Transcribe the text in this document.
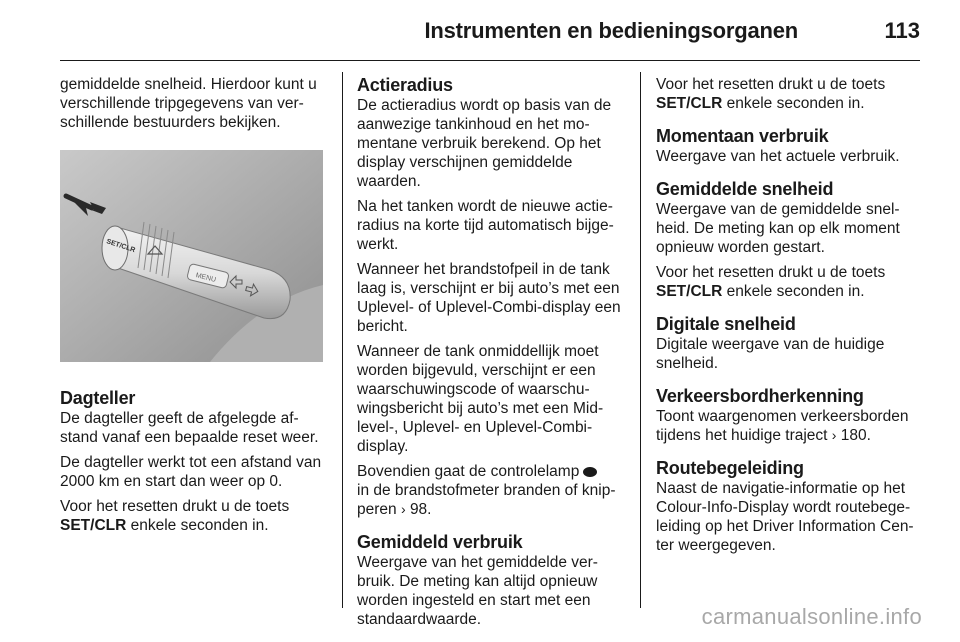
Instrumenten en bedieningsorganen	113

gemiddelde snelheid. Hierdoor kunt u verschillende tripgegevens van ver-schillende bestuurders bekijken.

SET/CLR
MENU
Dagteller

De dagteller geeft de afgelegde af-stand vanaf een bepaalde reset weer.

De dagteller werkt tot een afstand van 2000 km en start dan weer op 0.

Voor het resetten drukt u de toets SET/CLR enkele seconden in.

Actieradius

De actieradius wordt op basis van de aanwezige tankinhoud en het mo-mentane verbruik berekend. Op het display verschijnen gemiddelde waarden.

Na het tanken wordt de nieuwe actie-radius na korte tijd automatisch bijge-werkt.

Wanneer het brandstofpeil in de tank laag is, verschijnt er bij auto’s met een Uplevel- of Uplevel-Combi-display een bericht.

Wanneer de tank onmiddellijk moet worden bijgevuld, verschijnt er een waarschuwingscode of waarschu-wingsbericht bij auto’s met een Mid-level-, Uplevel- en Uplevel-Combi-display.

Bovendien gaat de controlelamp
in de brandstofmeter branden of knip-peren › 98.

Gemiddeld verbruik

Weergave van het gemiddelde ver-bruik. De meting kan altijd opnieuw worden ingesteld en start met een standaardwaarde.

Voor het resetten drukt u de toets SET/CLR enkele seconden in.

Momentaan verbruik

Weergave van het actuele verbruik.

Gemiddelde snelheid

Weergave van de gemiddelde snel-heid. De meting kan op elk moment opnieuw worden gestart.

Voor het resetten drukt u de toets SET/CLR enkele seconden in.

Digitale snelheid

Digitale weergave van de huidige snelheid.

Verkeersbordherkenning

Toont waargenomen verkeersborden tijdens het huidige traject › 180.

Routebegeleiding

Naast de navigatie-informatie op het Colour-Info-Display wordt routebege-leiding op het Driver Information Cen-ter weergegeven.

carmanualsonline.info
